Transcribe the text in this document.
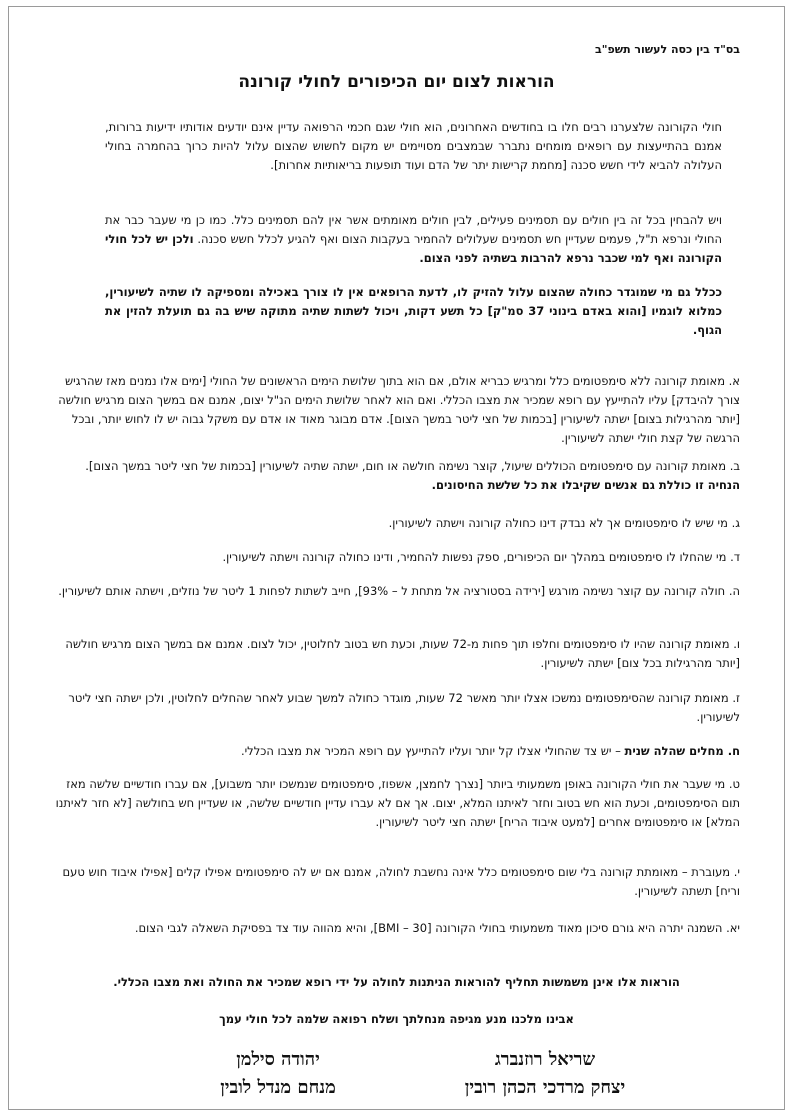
בס"ד בין כסה לעשור תשפ"ב
הוראות לצום יום הכיפורים לחולי קורונה

חולי הקורונה שלצערנו רבים חלו בו בחודשים האחרונים, הוא חולי שגם חכמי הרפואה עדיין אינם יודעים אודותיו ידיעות ברורות, אמנם בהתייעצות עם רופאים מומחים נתברר שבמצבים מסויימים יש מקום לחשוש שהצום עלול להיות כרוך בהחמרה בחולי העלולה להביא לידי חשש סכנה [מחמת קרישות יתר של הדם ועוד תופעות בריאותיות אחרות].

ויש להבחין בכל זה בין חולים עם תסמינים פעילים, לבין חולים מאומתים אשר אין להם תסמינים כלל. כמו כן מי שעבר כבר את החולי ונרפא ת"ל, פעמים שעדיין חש תסמינים שעלולים להחמיר בעקבות הצום ואף להגיע לכלל חשש סכנה. ולכן יש לכל חולי הקורונה ואף למי שכבר נרפא להרבות בשתיה לפני הצום.

ככלל גם מי שמוגדר כחולה שהצום עלול להזיק לו, לדעת הרופאים אין לו צורך באכילה ומספיקה לו שתיה לשיעורין, כמלוא לוגמיו [והוא באדם בינוני 37 סמ"ק] כל תשע דקות, ויכול לשתות שתיה מתוקה שיש בה גם תועלת להזין את הגוף.

א. מאומת קורונה ללא סימפטומים כלל ומרגיש כבריא אולם, אם הוא בתוך שלושת הימים הראשונים של החולי [ימים אלו נמנים מאז שהרגיש צורך להיבדק] עליו להתייעץ עם רופא שמכיר את מצבו הכללי. ואם הוא לאחר שלושת הימים הנ"ל יצום, אמנם אם במשך הצום מרגיש חולשה [יותר מהרגילות בצום] ישתה לשיעורין [בכמות של חצי ליטר במשך הצום]. אדם מבוגר מאוד או אדם עם משקל גבוה יש לו לחוש יותר, ובכל הרגשה של קצת חולי ישתה לשיעורין.

ב. מאומת קורונה עם סימפטומים הכוללים שיעול, קוצר נשימה חולשה או חום, ישתה שתיה לשיעורין [בכמות של חצי ליטר במשך הצום]. הנחיה זו כוללת גם אנשים שקיבלו את כל שלשת החיסונים.

ג. מי שיש לו סימפטומים אך לא נבדק דינו כחולה קורונה וישתה לשיעורין.

ד. מי שהחלו לו סימפטומים במהלך יום הכיפורים, ספק נפשות להחמיר, ודינו כחולה קורונה וישתה לשיעורין.

ה. חולה קורונה עם קוצר נשימה מורגש [ירידה בסטורציה אל מתחת ל – 93%], חייב לשתות לפחות 1 ליטר של נוזלים, וישתה אותם לשיעורין.

ו. מאומת קורונה שהיו לו סימפטומים וחלפו תוך פחות מ-72 שעות, וכעת חש בטוב לחלוטין, יכול לצום. אמנם אם במשך הצום מרגיש חולשה [יותר מהרגילות בכל צום] ישתה לשיעורין.

ז. מאומת קורונה שהסימפטומים נמשכו אצלו יותר מאשר 72 שעות, מוגדר כחולה למשך שבוע לאחר שהחלים לחלוטין, ולכן ישתה חצי ליטר לשיעורין.

ח. מחלים שהלה שנית – יש צד שהחולי אצלו קל יותר ועליו להתייעץ עם רופא המכיר את מצבו הכללי.

ט. מי שעבר את חולי הקורונה באופן משמעותי ביותר [נצרך לחמצן, אשפוז, סימפטומים שנמשכו יותר משבוע], אם עברו חודשיים שלשה מאז תום הסימפטומים, וכעת הוא חש בטוב וחזר לאיתנו המלא, יצום. אך אם לא עברו עדיין חודשיים שלשה, או שעדיין חש בחולשה [לא חזר לאיתנו המלא] או סימפטומים אחרים [למעט איבוד הריח] ישתה חצי ליטר לשיעורין.

י. מעוברת – מאומתת קורונה בלי שום סימפטומים כלל אינה נחשבת לחולה, אמנם אם יש לה סימפטומים אפילו קלים [אפילו איבוד חוש טעם וריח] תשתה לשיעורין.

יא. השמנה יתרה היא גורם סיכון מאוד משמעותי בחולי הקורונה [BMI – 30], והיא מהווה עוד צד בפסיקת השאלה לגבי הצום.

הוראות אלו אינן משמשות תחליף להוראות הניתנות לחולה על ידי רופא שמכיר את החולה ואת מצבו הכללי.

אבינו מלכנו מנע מגיפה מנחלתך ושלח רפואה שלמה לכל חולי עמך

שריאל רוזנברג
יהודה סילמן
יצחק מרדכי הכהן רובין
מנחם מנדל לובין
